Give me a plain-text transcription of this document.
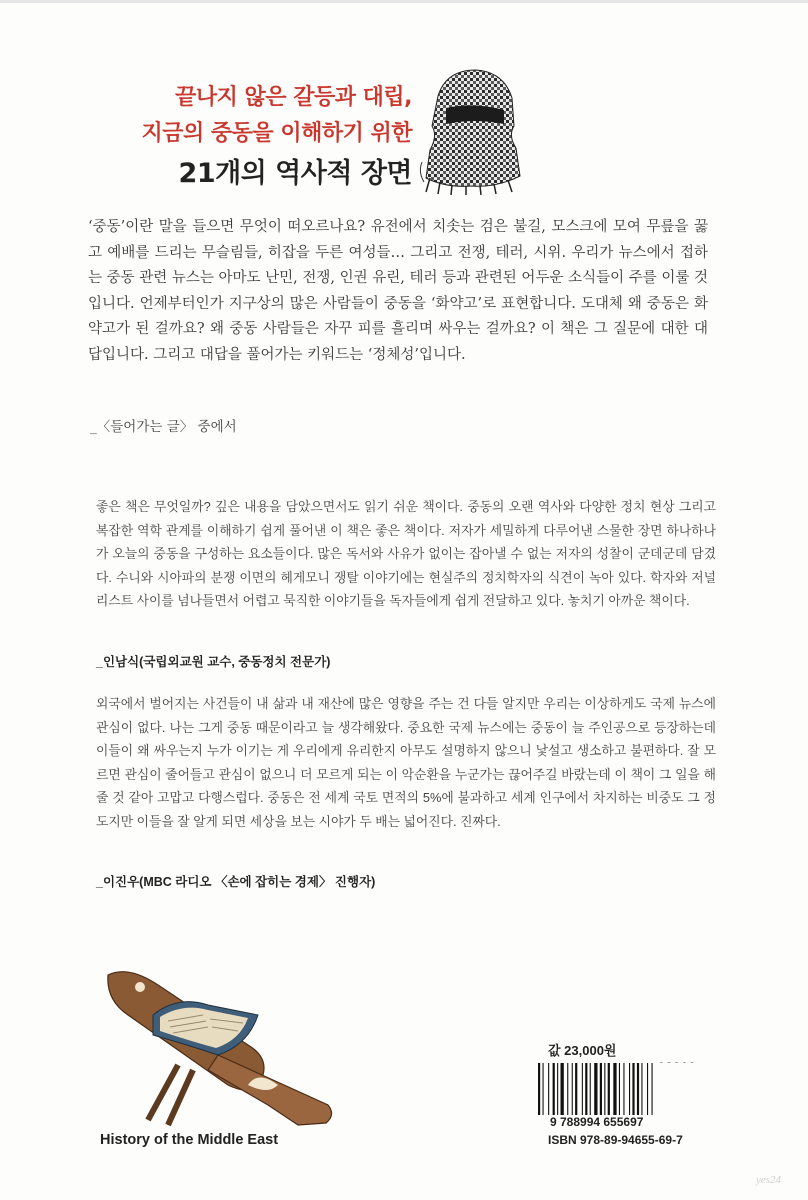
끝나지 않은 갈등과 대립,
지금의 중동을 이해하기 위한
21개의 역사적 장면
‘중동’이란 말을 들으면 무엇이 떠오르나요? 유전에서 치솟는 검은 불길, 모스크에 모여 무릎을 꿇고 예배를 드리는 무슬림들, 히잡을 두른 여성들… 그리고 전쟁, 테러, 시위. 우리가 뉴스에서 접하는 중동 관련 뉴스는 아마도 난민, 전쟁, 인권 유린, 테러 등과 관련된 어두운 소식들이 주를 이룰 것입니다. 언제부터인가 지구상의 많은 사람들이 중동을 ‘화약고’로 표현합니다. 도대체 왜 중동은 화약고가 된 걸까요? 왜 중동 사람들은 자꾸 피를 흘리며 싸우는 걸까요? 이 책은 그 질문에 대한 대답입니다. 그리고 대답을 풀어가는 키워드는 ‘정체성’입니다.
_〈들어가는 글〉 중에서
좋은 책은 무엇일까? 깊은 내용을 담았으면서도 읽기 쉬운 책이다. 중동의 오랜 역사와 다양한 정치 현상 그리고 복잡한 역학 관계를 이해하기 쉽게 풀어낸 이 책은 좋은 책이다. 저자가 세밀하게 다루어낸 스물한 장면 하나하나가 오늘의 중동을 구성하는 요소들이다. 많은 독서와 사유가 없이는 잡아낼 수 없는 저자의 성찰이 군데군데 담겼다. 수니와 시아파의 분쟁 이면의 헤게모니 쟁탈 이야기에는 현실주의 정치학자의 식견이 녹아 있다. 학자와 저널리스트 사이를 넘나들면서 어렵고 묵직한 이야기들을 독자들에게 쉽게 전달하고 있다. 놓치기 아까운 책이다.
_인남식(국립외교원 교수, 중동정치 전문가)
외국에서 벌어지는 사건들이 내 삶과 내 재산에 많은 영향을 주는 건 다들 알지만 우리는 이상하게도 국제 뉴스에 관심이 없다. 나는 그게 중동 때문이라고 늘 생각해왔다. 중요한 국제 뉴스에는 중동이 늘 주인공으로 등장하는데 이들이 왜 싸우는지 누가 이기는 게 우리에게 유리한지 아무도 설명하지 않으니 낯설고 생소하고 불편하다. 잘 모르면 관심이 줄어들고 관심이 없으니 더 모르게 되는 이 악순환을 누군가는 끊어주길 바랐는데 이 책이 그 일을 해줄 것 같아 고맙고 다행스럽다. 중동은 전 세계 국토 면적의 5%에 불과하고 세계 인구에서 차지하는 비중도 그 정도지만 이들을 잘 알게 되면 세상을 보는 시야가 두 배는 넓어진다. 진짜다.
_이진우(MBC 라디오 〈손에 잡히는 경제〉 진행자)
History of the Middle East
값 23,000원
9 788994 655697
ISBN 978-89-94655-69-7
yes24
